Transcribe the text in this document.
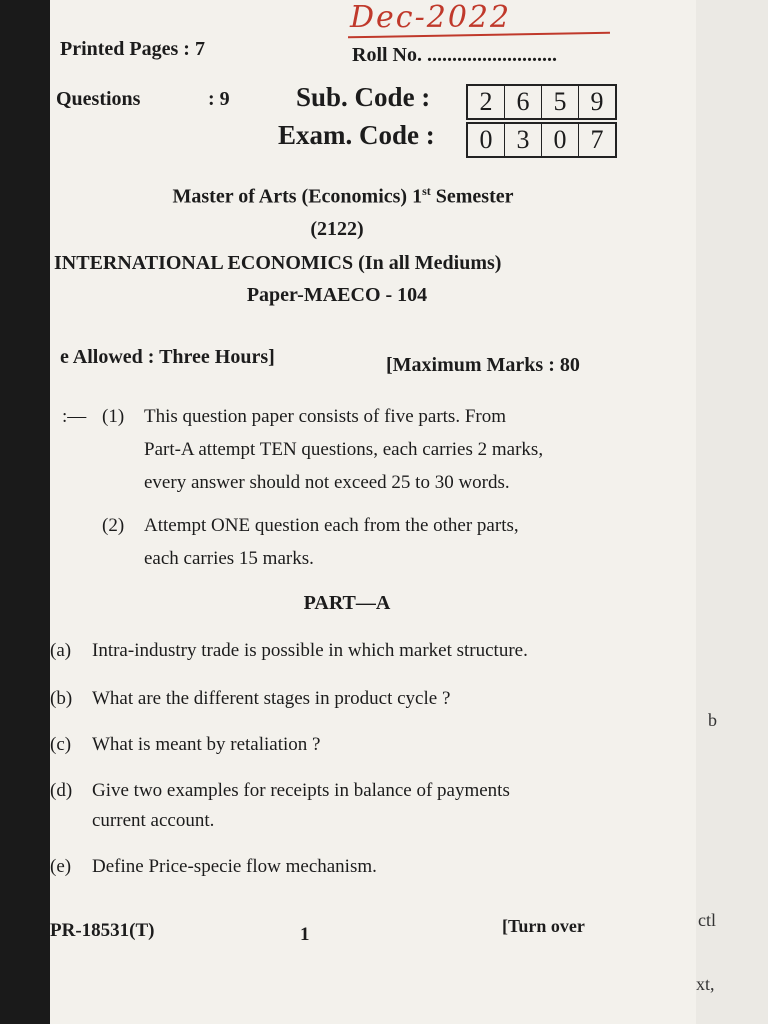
b
ctl
xt,
Dec-2022
Printed Pages : 7	Roll No. ..........................
Questions	: 9 Sub. Code :	2 6 5 9
Exam. Code :	0 3 0 7
Master of Arts (Economics) 1st Semester
(2122)
INTERNATIONAL ECONOMICS (In all Mediums)
Paper-MAECO - 104
e Allowed : Three Hours]	[Maximum Marks : 80
:— (1)	This question paper consists of five parts. From
Part-A attempt TEN questions, each carries 2 marks,
every answer should not exceed 25 to 30 words.
(2)	Attempt ONE question each from the other parts,
each carries 15 marks.
PART—A
(a) Intra-industry trade is possible in which market structure.
(b) What are the different stages in product cycle ?
(c) What is meant by retaliation ?
(d)	Give two examples for receipts in balance of payments
current account.
(e) Define Price-specie flow mechanism.
PR-18531(T)	1	[Turn over
